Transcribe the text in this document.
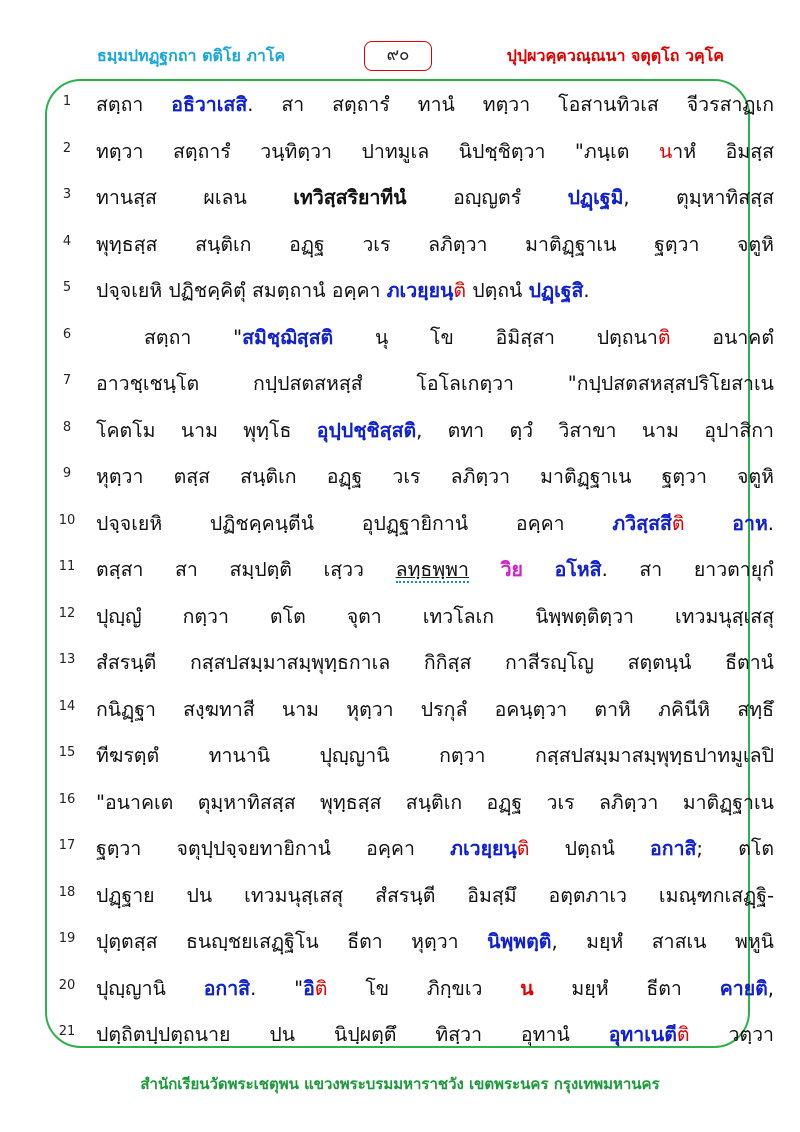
ธมฺมปทฏฺฐกถา ตติโย ภาโค	๙๐	ปุปฺผวคฺควณฺณนา จตุตฺโถ วคฺโค
1	สตฺถา อธิวาเสสิ. สา สตฺถารํ ทานํ ทตฺวา โอสานทิวเส จีวรสาฏเก
2	ทตฺวา สตฺถารํ วนฺทิตฺวา ปาทมูเล นิปชฺชิตฺวา "ภนฺเต นาหํ อิมสฺส
3	ทานสฺส ผเลน เทวิสฺสริยาทีนํ อญฺญตรํ ปฏฺเฐมิ, ตุมฺหาทิสสฺส
4	พุทฺธสฺส สนฺติเก อฏฺฐ วเร ลภิตฺวา มาติฏฺฐาเน ฐตฺวา จตูหิ
5	ปจฺจเยหิ ปฏิชคฺคิตุํ สมตฺถานํ อคฺคา ภเวยฺยนฺติ ปตฺถนํ ปฏฺเฐสิ.
6	สตฺถา "สมิชฺฌิสฺสติ นุ โข อิมิสฺสา ปตฺถนาติ อนาคตํ
7	อาวชฺเชนฺโต กปฺปสตสหสฺสํ โอโลเกตฺวา "กปฺปสตสหสฺสปริโยสาเน
8	โคตโม นาม พุทฺโธ อุปฺปชฺชิสฺสติ, ตทา ตฺวํ วิสาขา นาม อุปาสิกา
9	หุตฺวา ตสฺส สนฺติเก อฏฺฐ วเร ลภิตฺวา มาติฏฺฐาเน ฐตฺวา จตูหิ
10	ปจฺจเยหิ ปฏิชคฺคนฺตีนํ อุปฏฺฐายิกานํ อคฺคา ภวิสฺสสีติ อาห.
11	ตสฺสา สา สมฺปตฺติ เสฺวว ลทฺธพฺพา วิย อโหสิ. สา ยาวตายุกํ
12	ปุญฺญํ กตฺวา ตโต จุตา เทวโลเก นิพฺพตฺติตฺวา เทวมนุสฺเสสุ
13	สํสรนฺตี กสฺสปสมฺมาสมฺพุทฺธกาเล กิกิสฺส กาสีรญฺโญ สตฺตนฺนํ ธีตานํ
14	กนิฏฺฐา สงฺฆทาสี นาม หุตฺวา ปรกุลํ อคนฺตฺวา ตาหิ ภคินีหิ สทฺธึ
15	ทีฆรตฺตํ ทานานิ ปุญฺญานิ กตฺวา กสฺสปสมฺมาสมฺพุทฺธปาทมูเลปิ
16	"อนาคเต ตุมฺหาทิสสฺส พุทฺธสฺส สนฺติเก อฏฺฐ วเร ลภิตฺวา มาติฏฺฐาเน
17	ฐตฺวา จตุปฺปจฺจยทายิกานํ อคฺคา ภเวยฺยนฺติ ปตฺถนํ อกาสิ; ตโต
18	ปฏฺฐาย ปน เทวมนุสฺเสสุ สํสรนฺตี อิมสฺมึ อตฺตภาเว เมณฺฑกเสฏฺฐิ-
19	ปุตฺตสฺส ธนญฺชยเสฏฺฐิโน ธีตา หุตฺวา นิพฺพตฺติ, มยฺหํ สาสเน พหูนิ
20	ปุญฺญานิ อกาสิ. "อิติ โข ภิกฺขเว น มยฺหํ ธีตา คายติ,
21	ปตฺถิตปฺปตฺถนาย ปน นิปฺผตฺตึ ทิสฺวา อุทานํ อุทาเนตีติ วตฺวา
สำนักเรียนวัดพระเชตุพน แขวงพระบรมมหาราชวัง เขตพระนคร กรุงเทพมหานคร
